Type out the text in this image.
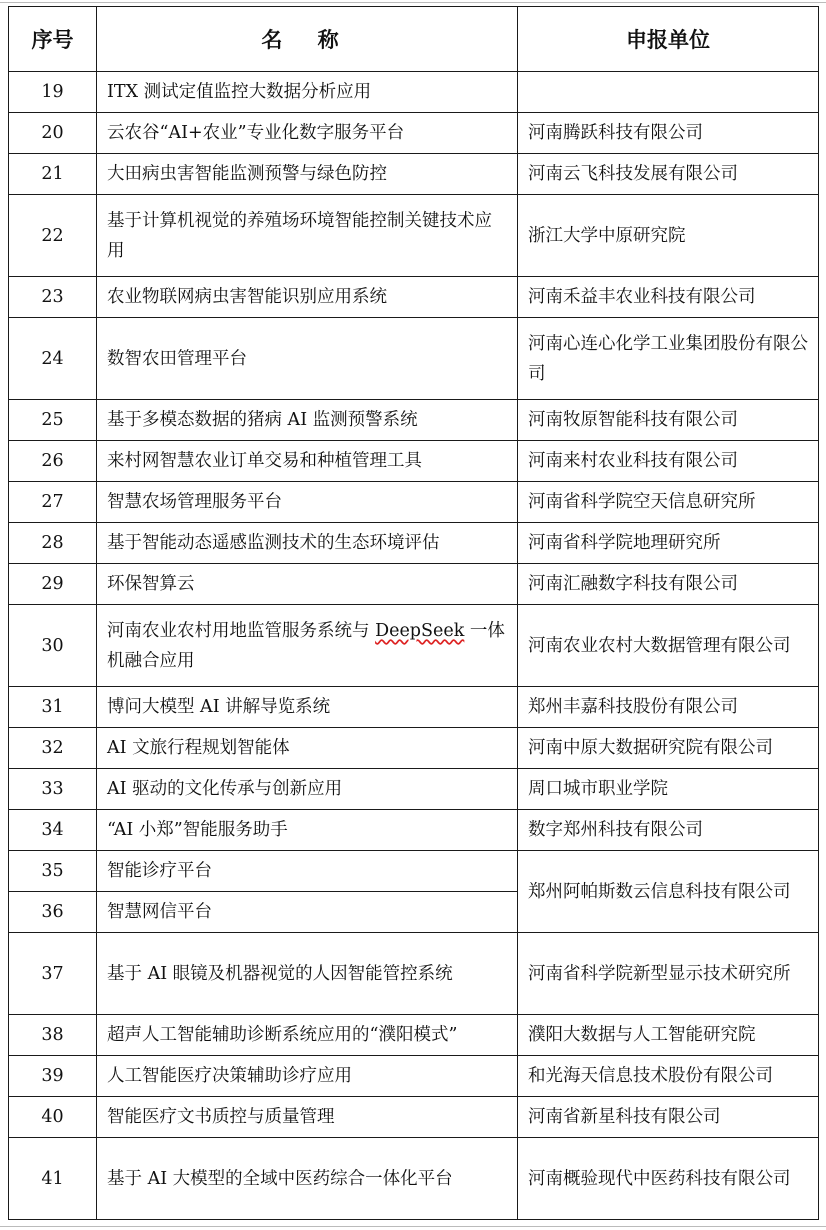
序号	名 称	申报单位
19	ITX 测试定值监控大数据分析应用	
20	云农谷“AI+农业”专业化数字服务平台	河南腾跃科技有限公司
21	大田病虫害智能监测预警与绿色防控	河南云飞科技发展有限公司
22	基于计算机视觉的养殖场环境智能控制关键技术应用	浙江大学中原研究院
23	农业物联网病虫害智能识别应用系统	河南禾益丰农业科技有限公司
24	数智农田管理平台	河南心连心化学工业集团股份有限公司
25	基于多模态数据的猪病 AI 监测预警系统	河南牧原智能科技有限公司
26	来村网智慧农业订单交易和种植管理工具	河南来村农业科技有限公司
27	智慧农场管理服务平台	河南省科学院空天信息研究所
28	基于智能动态遥感监测技术的生态环境评估	河南省科学院地理研究所
29	环保智算云	河南汇融数字科技有限公司
30	河南农业农村用地监管服务系统与 DeepSeek 一体机融合应用	河南农业农村大数据管理有限公司
31	博问大模型 AI 讲解导览系统	郑州丰嘉科技股份有限公司
32	AI 文旅行程规划智能体	河南中原大数据研究院有限公司
33	AI 驱动的文化传承与创新应用	周口城市职业学院
34	“AI 小郑”智能服务助手	数字郑州科技有限公司
35	智能诊疗平台	郑州阿帕斯数云信息科技有限公司
36	智慧网信平台	
37	基于 AI 眼镜及机器视觉的人因智能管控系统	河南省科学院新型显示技术研究所
38	超声人工智能辅助诊断系统应用的“濮阳模式”	濮阳大数据与人工智能研究院
39	人工智能医疗决策辅助诊疗应用	和光海天信息技术股份有限公司
40	智能医疗文书质控与质量管理	河南省新星科技有限公司
41	基于 AI 大模型的全域中医药综合一体化平台	河南概验现代中医药科技有限公司
